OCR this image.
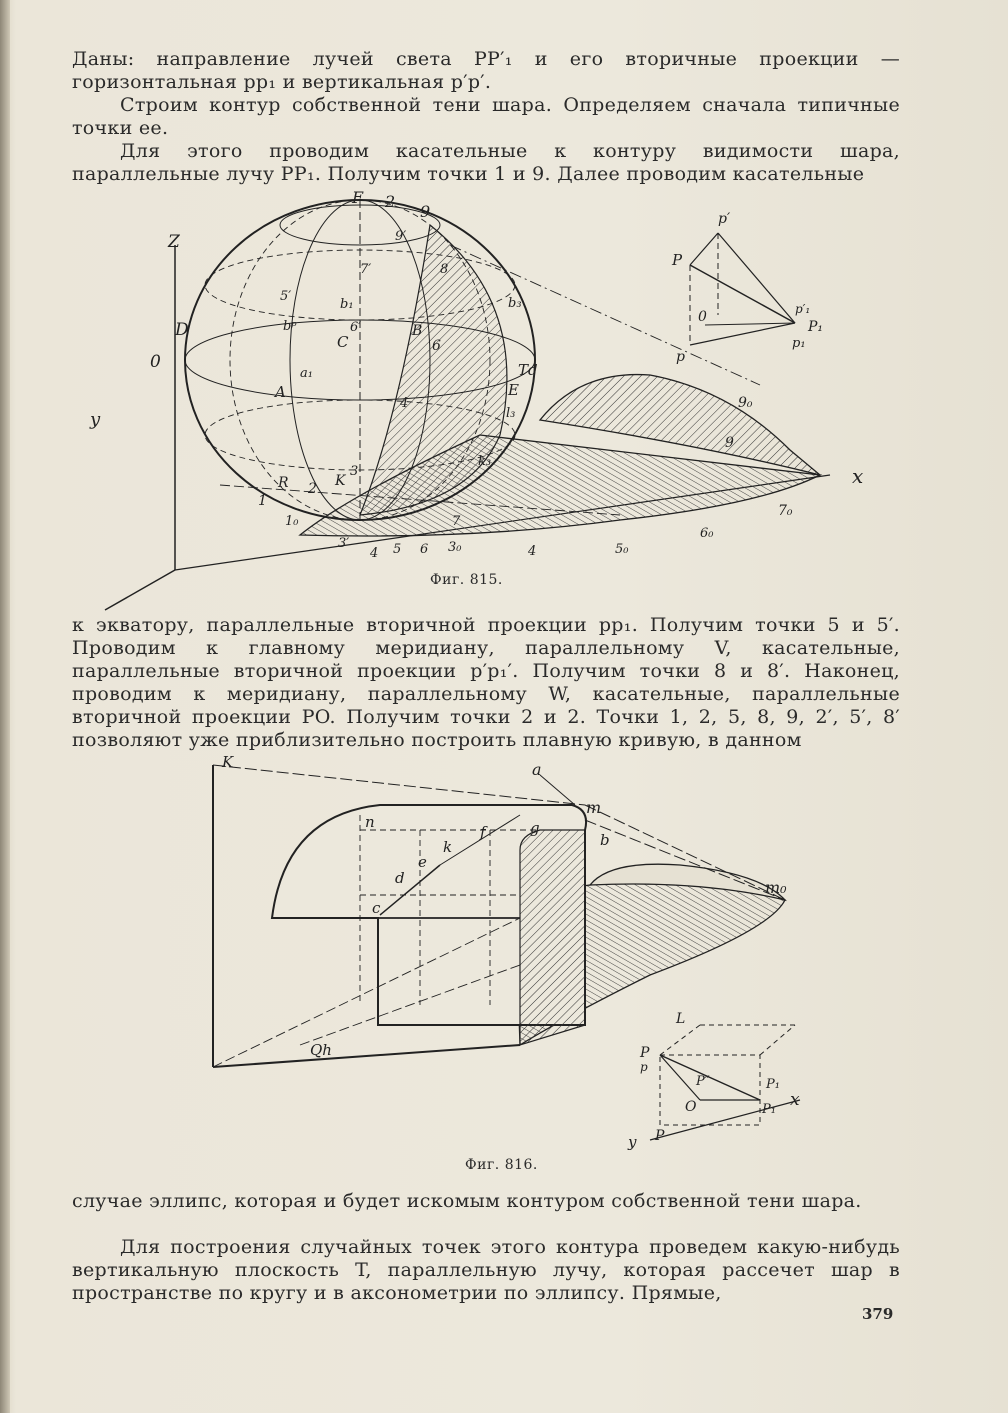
Даны: направление лучей света PP′₁ и его вторичные проекции — горизонтальная pp₁ и вертикальная p′p′.

Строим контур собственной тени шара. Определяем сначала типичные точки ее.

Для этого проводим касательные к контуру видимости шара, параллельные лучу PP₁. Получим точки 1 и 9. Далее проводим касательные

F 2
9
Z
D
0
y
9′
7′	8
5′
b₁	b₃
bᵖ	6′	B
C	6
a₁
A
Td
E
4
l₃
9₀
9
x
R 2 K
1
1₀
3
k₃
7
7₀
3′
4 5 6 3₀	4	5₀
6₀
p′
P
0
p
p′₁
P₁
p₁
Фиг. 815.

к экватору, параллельные вторичной проекции pp₁. Получим точки 5 и 5′. Проводим к главному меридиану, параллельному V, касательные, параллельные вторичной проекции p′p₁′. Получим точки 8 и 8′. Наконец, проводим к меридиану, параллельному W, касательные, параллельные вторичной проекции PO. Получим точки 2 и 2. Точки 1, 2, 5, 8, 9, 2′, 5′, 8′ позволяют уже приблизительно построить плавную кривую, в данном

K	a
m
n	g
f
k	b
e
d
c
m₀
Qh
L
P
p
P″
O
P₁
P₁ x
y P
Фиг. 816.

случае эллипс, которая и будет искомым контуром собственной тени шара.

Для построения случайных точек этого контура проведем какую-нибудь вертикальную плоскость T, параллельную лучу, которая рассечет шар в пространстве по кругу и в аксонометрии по эллипсу. Прямые,

379
